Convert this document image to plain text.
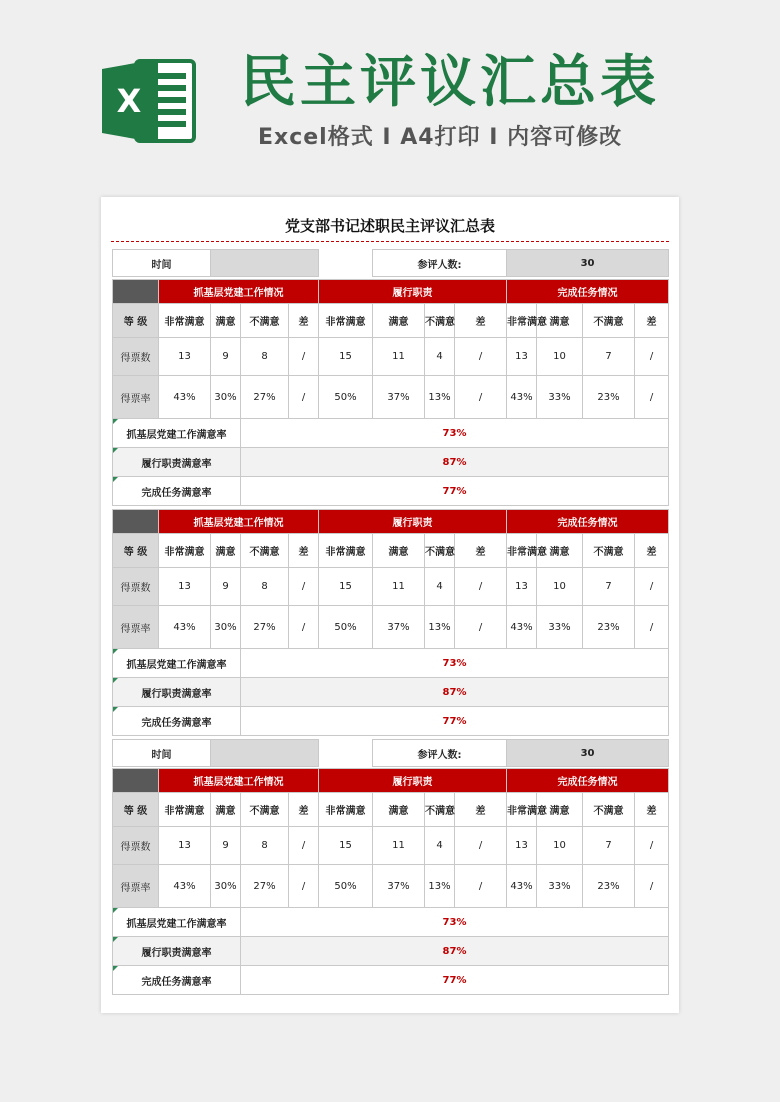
X 民主评议汇总表
Excel格式 I A4打印 I 内容可修改
党支部书记述职民主评议汇总表
时间			参评人数:	30
	抓基层党建工作情况				履行职责				完成任务情况			
等 级	非常满意	满意	不满意	差	非常满意	满意	不满意	差	非常满意	满意	不满意	差
得票数	13	9	8	/	15	11	4	/	13	10	7	/
得票率	43%	30%	27%	/	50%	37%	13%	/	43%	33%	23%	/
抓基层党建工作满意率			73%									
履行职责满意率			87%									
完成任务满意率			77%									
	抓基层党建工作情况				履行职责				完成任务情况			
等 级	非常满意	满意	不满意	差	非常满意	满意	不满意	差	非常满意	满意	不满意	差
得票数	13	9	8	/	15	11	4	/	13	10	7	/
得票率	43%	30%	27%	/	50%	37%	13%	/	43%	33%	23%	/
抓基层党建工作满意率			73%									
履行职责满意率			87%									
完成任务满意率			77%									
时间			参评人数:	30
	抓基层党建工作情况				履行职责				完成任务情况			
等 级	非常满意	满意	不满意	差	非常满意	满意	不满意	差	非常满意	满意	不满意	差
得票数	13	9	8	/	15	11	4	/	13	10	7	/
得票率	43%	30%	27%	/	50%	37%	13%	/	43%	33%	23%	/
抓基层党建工作满意率			73%									
履行职责满意率			87%									
完成任务满意率			77%									
